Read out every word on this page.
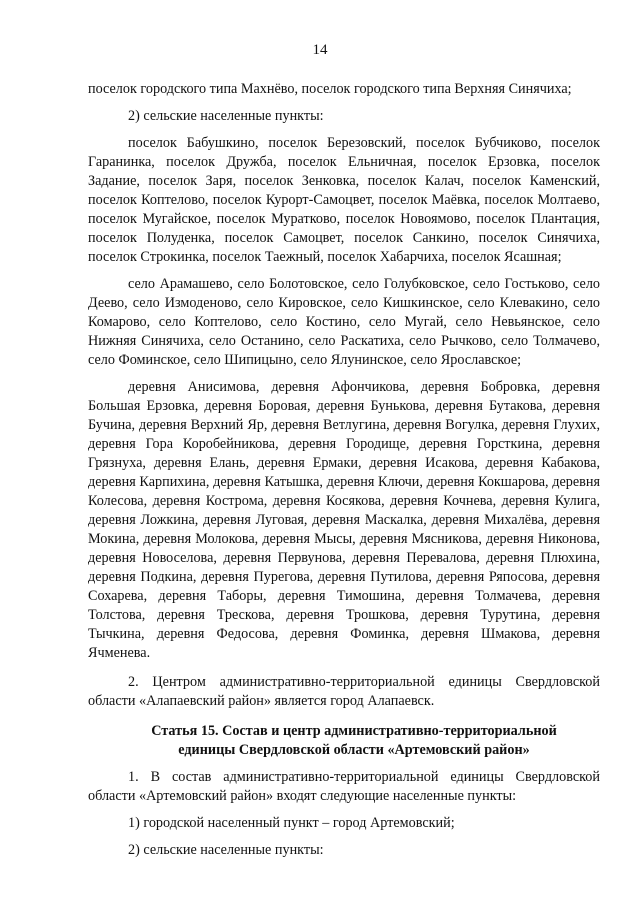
14

поселок городского типа Махнёво, поселок городского типа Верхняя Синячиха;

2) сельские населенные пункты:

поселок Бабушкино, поселок Березовский, поселок Бубчиково, поселок Гаранинка, поселок Дружба, поселок Ельничная, поселок Ерзовка, поселок Задание, поселок Заря, поселок Зенковка, поселок Калач, поселок Каменский, поселок Коптелово, поселок Курорт-Самоцвет, поселок Маёвка, поселок Молтаево, поселок Мугайское, поселок Муратково, поселок Новоямово, поселок Плантация, поселок Полуденка, поселок Самоцвет, поселок Санкино, поселок Синячиха, поселок Строкинка, поселок Таежный, поселок Хабарчиха, поселок Ясашная;

село Арамашево, село Болотовское, село Голубковское, село Гостьково, село Деево, село Измоденово, село Кировское, село Кишкинское, село Клевакино, село Комарово, село Коптелово, село Костино, село Мугай, село Невьянское, село Нижняя Синячиха, село Останино, село Раскатиха, село Рычково, село Толмачево, село Фоминское, село Шипицыно, село Ялунинское, село Ярославское;

деревня Анисимова, деревня Афончикова, деревня Бобровка, деревня Большая Ерзовка, деревня Боровая, деревня Бунькова, деревня Бутакова, деревня Бучина, деревня Верхний Яр, деревня Ветлугина, деревня Вогулка, деревня Глухих, деревня Гора Коробейникова, деревня Городище, деревня Горсткина, деревня Грязнуха, деревня Елань, деревня Ермаки, деревня Исакова, деревня Кабакова, деревня Карпихина, деревня Катышка, деревня Ключи, деревня Кокшарова, деревня Колесова, деревня Кострома, деревня Косякова, деревня Кочнева, деревня Кулига, деревня Ложкина, деревня Луговая, деревня Маскалка, деревня Михалёва, деревня Мокина, деревня Молокова, деревня Мысы, деревня Мясникова, деревня Никонова, деревня Новоселова, деревня Первунова, деревня Перевалова, деревня Плюхина, деревня Подкина, деревня Пурегова, деревня Путилова, деревня Ряпосова, деревня Сохарева, деревня Таборы, деревня Тимошина, деревня Толмачева, деревня Толстова, деревня Трескова, деревня Трошкова, деревня Турутина, деревня Тычкина, деревня Федосова, деревня Фоминка, деревня Шмакова, деревня Ячменева.

2. Центром административно-территориальной единицы Свердловской области «Алапаевский район» является город Алапаевск.

Статья 15. Состав и центр административно-территориальной
единицы Свердловской области «Артемовский район»

1. В состав административно-территориальной единицы Свердловской области «Артемовский район» входят следующие населенные пункты:

1) городской населенный пункт – город Артемовский;

2) сельские населенные пункты:
